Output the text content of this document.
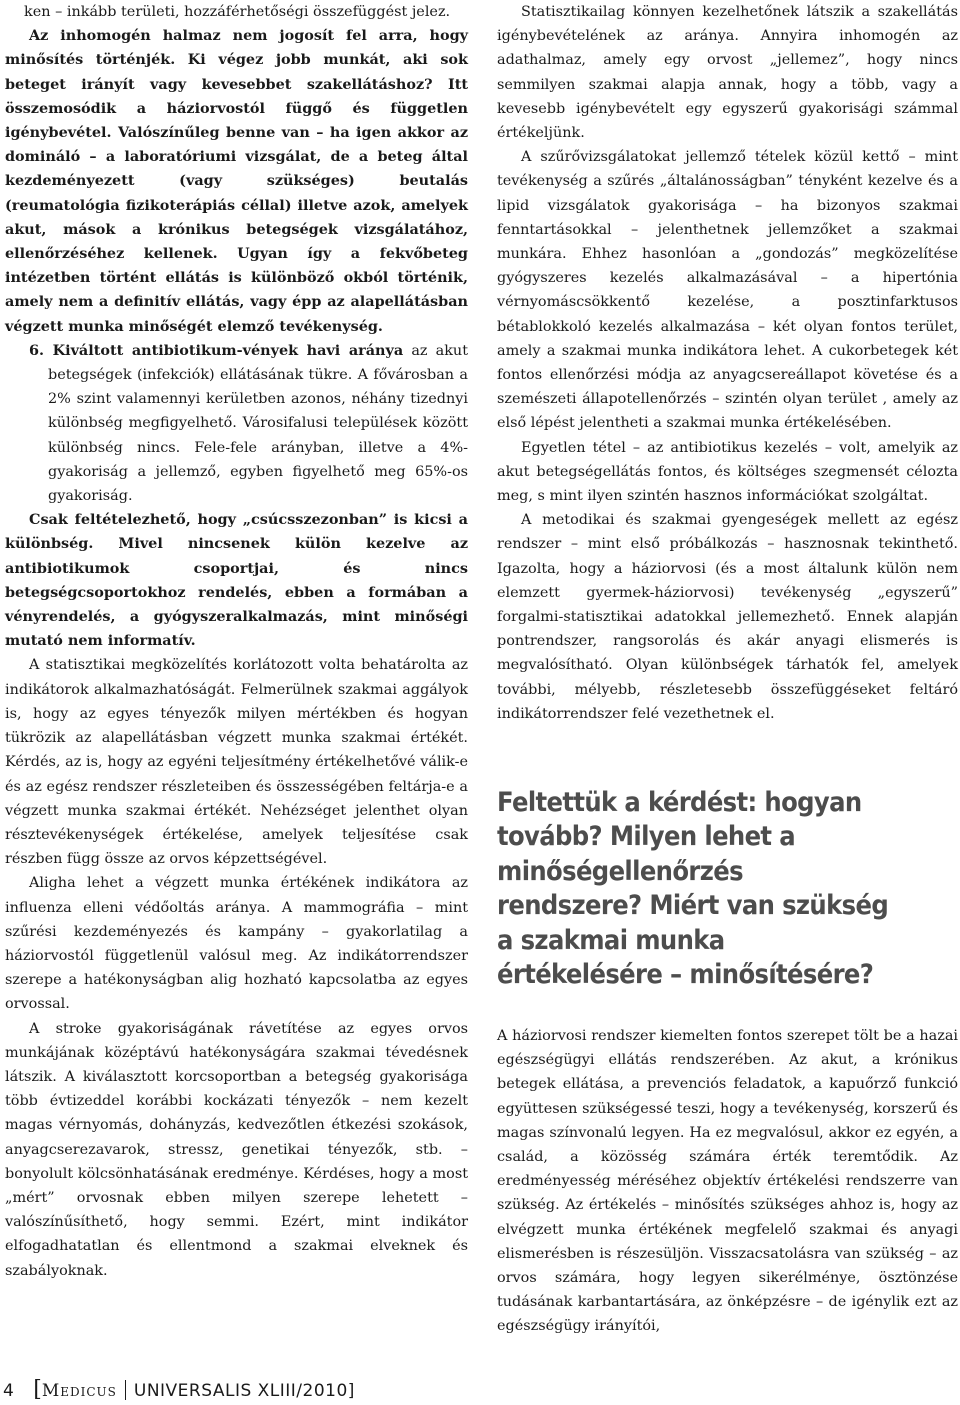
ken – inkább területi, hozzáférhetőségi összefüggést jelez.

Az inhomogén halmaz nem jogosít fel arra, hogy minősítés történjék. Ki végez jobb munkát, aki sok beteget irányít vagy kevesebbet szakellátáshoz? Itt összemosódik a háziorvostól függő és független igénybevétel. Valószínűleg benne van – ha igen akkor az domináló – a laboratóriumi vizsgálat, de a beteg által kezdeményezett (vagy szükséges) beutalás (reumatológia fizikoterápiás céllal) illetve azok, amelyek akut, mások a krónikus betegségek vizsgálatához, ellenőrzéséhez kellenek. Ugyan így a fekvőbeteg intézetben történt ellátás is különböző okból történik, amely nem a definitív ellátás, vagy épp az alapellátásban végzett munka minőségét elemző tevékenység.

6. Kiváltott antibiotikum-vények havi aránya az akut betegségek (infekciók) ellátásának tükre. A fővárosban a 2% szint valamennyi kerületben azonos, néhány tizednyi különbség megfigyelhető. Városifalusi települések között különbség nincs. Fele-fele arányban, illetve a 4%-gyakoriság a jellemző, egyben figyelhető meg 65%-os gyakoriság.

Csak feltételezhető, hogy „csúcsszezonban” is kicsi a különbség. Mivel nincsenek külön kezelve az antibiotikumok csoportjai, és nincs betegségcsoportokhoz rendelés, ebben a formában a vényrendelés, a gyógyszeralkalmazás, mint minőségi mutató nem informatív.

A statisztikai megközelítés korlátozott volta behatárolta az indikátorok alkalmazhatóságát. Felmerülnek szakmai aggályok is, hogy az egyes tényezők milyen mértékben és hogyan tükrözik az alapellátásban végzett munka szakmai értékét. Kérdés, az is, hogy az egyéni teljesítmény értékelhetővé válik-e és az egész rendszer részleteiben és összességében feltárja-e a végzett munka szakmai értékét. Nehézséget jelenthet olyan résztevékenységek értékelése, amelyek teljesítése csak részben függ össze az orvos képzettségével.

Aligha lehet a végzett munka értékének indikátora az influenza elleni védőoltás aránya. A mammográfia – mint szűrési kezdeményezés és kampány – gyakorlatilag a háziorvostól függetlenül valósul meg. Az indikátorrendszer szerepe a hatékonyságban alig hozható kapcsolatba az egyes orvossal.

A stroke gyakoriságának rávetítése az egyes orvos munkájának középtávú hatékonyságára szakmai tévedésnek látszik. A kiválasztott korcsoportban a betegség gyakorisága több évtizeddel korábbi kockázati tényezők – nem kezelt magas vérnyomás, dohányzás, kedvezőtlen étkezési szokások, anyagcserezavarok, stressz, genetikai tényezők, stb. – bonyolult kölcsönhatásának eredménye. Kérdéses, hogy a most „mért” orvosnak ebben milyen szerepe lehetett – valószínűsíthető, hogy semmi. Ezért, mint indikátor elfogadhatatlan és ellentmond a szakmai elveknek és szabályoknak.

Statisztikailag könnyen kezelhetőnek látszik a szakellátás igénybevételének az aránya. Annyira inhomogén az adathalmaz, amely egy orvost „jellemez”, hogy nincs semmilyen szakmai alapja annak, hogy a több, vagy a kevesebb igénybevételt egy egyszerű gyakorisági számmal értékeljünk.

A szűrővizsgálatokat jellemző tételek közül kettő – mint tevékenység a szűrés „általánosságban” tényként kezelve és a lipid vizsgálatok gyakorisága – ha bizonyos szakmai fenntartásokkal – jelenthetnek jellemzőket a szakmai munkára. Ehhez hasonlóan a „gondozás” megközelítése gyógyszeres kezelés alkalmazásával – a hipertónia vérnyomáscsökkentő kezelése, a posztinfarktusos bétablokkoló kezelés alkalmazása – két olyan fontos terület, amely a szakmai munka indikátora lehet. A cukorbetegek két fontos ellenőrzési módja az anyagcsereállapot követése és a szemészeti állapotellenőrzés – szintén olyan terület , amely az első lépést jelentheti a szakmai munka értékelésében.

Egyetlen tétel – az antibiotikus kezelés – volt, amelyik az akut betegségellátás fontos, és költséges szegmensét célozta meg, s mint ilyen szintén hasznos információkat szolgáltat.

A metodikai és szakmai gyengeségek mellett az egész rendszer – mint első próbálkozás – hasznosnak tekinthető. Igazolta, hogy a háziorvosi (és a most általunk külön nem elemzett gyermek-háziorvosi) tevékenység „egyszerű” forgalmi-statisztikai adatokkal jellemezhető. Ennek alapján pontrendszer, rangsorolás és akár anyagi elismerés is megvalósítható. Olyan különbségek tárhatók fel, amelyek további, mélyebb, részletesebb összefüggéseket feltáró indikátorrendszer felé vezethetnek el.

Feltettük a kérdést: hogyan tovább? Milyen lehet a minőségellenőrzés rendszere? Miért van szükség a szakmai munka értékelésére – minősítésére?

A háziorvosi rendszer kiemelten fontos szerepet tölt be a hazai egészségügyi ellátás rendszerében. Az akut, a krónikus betegek ellátása, a prevenciós feladatok, a kapuőrző funkció együttesen szükségessé teszi, hogy a tevékenység, korszerű és magas színvonalú legyen. Ha ez megvalósul, akkor ez egyén, a család, a közösség számára érték teremtődik. Az eredményesség méréséhez objektív értékelési rendszerre van szükség. Az értékelés – minősítés szükséges ahhoz is, hogy az elvégzett munka értékének megfelelő szakmai és anyagi elismerésben is részesüljön. Visszacsatolásra van szükség – az orvos számára, hogy legyen sikerélménye, ösztönzése tudásának karbantartására, az önképzésre – de igénylik ezt az egészségügy irányítói,

4 [Medicus UNIVERSALIS XLIII/2010]
